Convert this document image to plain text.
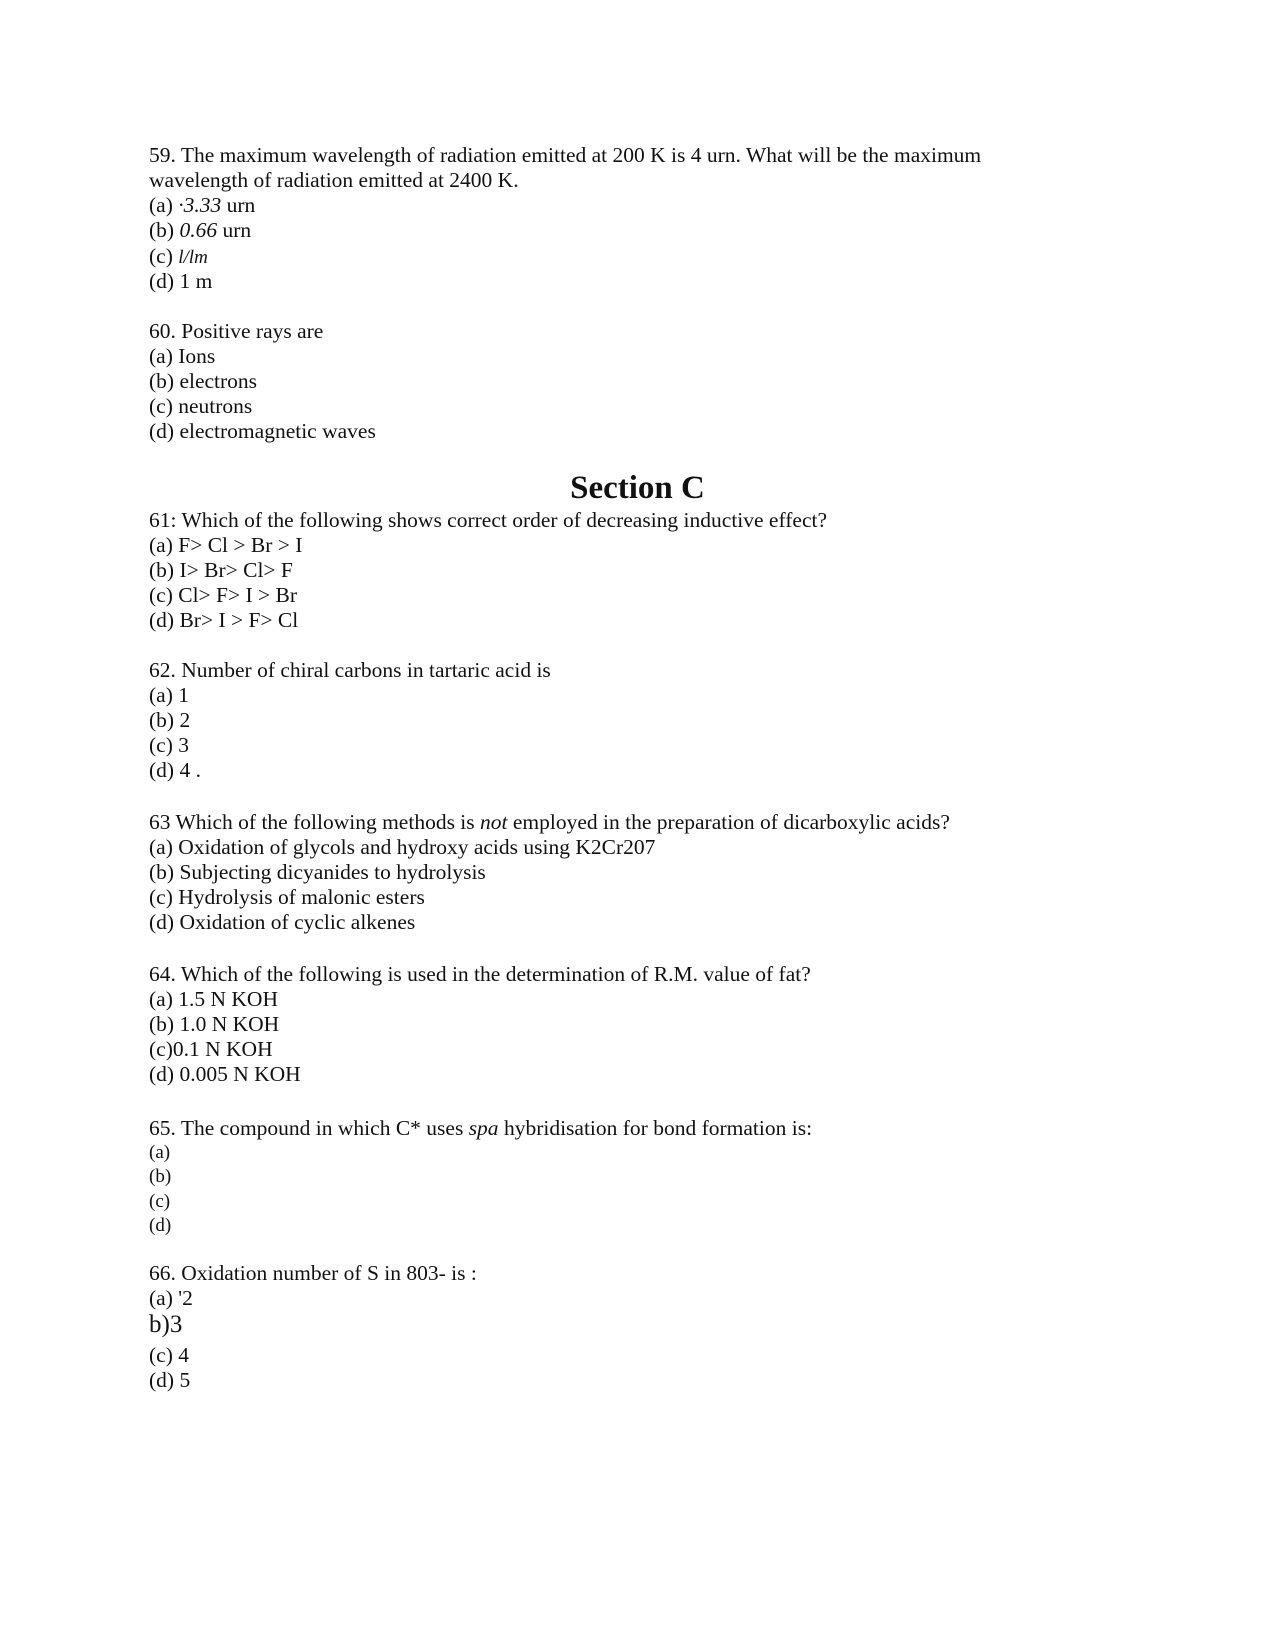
59. The maximum wavelength of radiation emitted at 200 K is 4 urn. What will be the maximum
wavelength of radiation emitted at 2400 K.
(a) ·3.33 urn
(b) 0.66 urn
(c) l/lm
(d) 1 m
60. Positive rays are
(a) Ions
(b) electrons
(c) neutrons
(d) electromagnetic waves
Section C
61: Which of the following shows correct order of decreasing inductive effect?
(a) F> Cl > Br > I
(b) I> Br> Cl> F
(c) Cl> F> I > Br
(d) Br> I > F> Cl
62. Number of chiral carbons in tartaric acid is
(a) 1
(b) 2
(c) 3
(d) 4 .
63 Which of the following methods is not employed in the preparation of dicarboxylic acids?
(a) Oxidation of glycols and hydroxy acids using K2Cr207
(b) Subjecting dicyanides to hydrolysis
(c) Hydrolysis of malonic esters
(d) Oxidation of cyclic alkenes
64. Which of the following is used in the determination of R.M. value of fat?
(a) 1.5 N KOH
(b) 1.0 N KOH
(c)0.1 N KOH
(d) 0.005 N KOH
65. The compound in which C* uses spa hybridisation for bond formation is:
(a)
(b)
(c)
(d)
66. Oxidation number of S in 803- is :
(a) '2
b)3
(c) 4
(d) 5
